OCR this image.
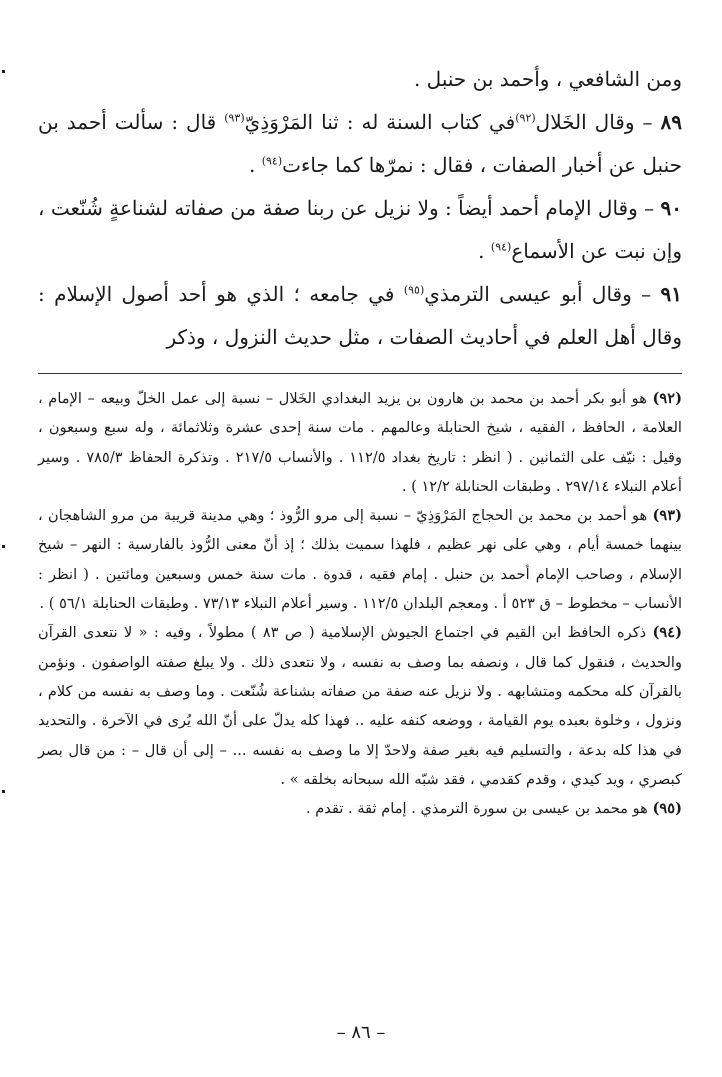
ومن الشافعي ، وأحمد بن حنبل .

٨٩ – وقال الخَلال$^{(٩٢)}$في كتاب السنة له : ثنا المَرْوَذِيّ$^{(٩٣)}$ قال : سألت أحمد بن حنبل عن أخبار الصفات ، فقال : نمرّها كما جاءت$^{(٩٤)}$ .

٩٠ – وقال الإمام أحمد أيضاً : ولا نزيل عن ربنا صفة من صفاته لشناعةٍ شُنّعت ، وإن نبت عن الأسماع$^{(٩٤)}$ .

٩١ – وقال أبو عيسى الترمذي$^{(٩٥)}$ في جامعه ؛ الذي هو أحد أصول الإسلام : وقال أهل العلم في أحاديث الصفات ، مثل حديث النزول ، وذكر

(٩٢) هو أبو بكر أحمد بن محمد بن هارون بن يزيد البغدادي الخَلال – نسبة إلى عمل الخلّ وبيعه – الإمام ، العلامة ، الحافظ ، الفقيه ، شيخ الحنابلة وعالمهم . مات سنة إحدى عشرة وثلاثمائة ، وله سبع وسبعون ، وقيل : نيّف على الثمانين . ( انظر : تاريخ بغداد ١١٢/٥ . والأنساب ٢١٧/٥ . وتذكرة الحفاظ ٧٨٥/٣ . وسير أعلام النبلاء ٢٩٧/١٤ . وطبقات الحنابلة ١٢/٢ ) .

(٩٣) هو أحمد بن محمد بن الحجاج المَرْوَذِيّ – نسبة إلى مرو الرُّوذ ؛ وهي مدينة قريبة من مرو الشاهجان ، بينهما خمسة أيام ، وهي على نهر عظيم ، فلهذا سميت بذلك ؛ إذ أنّ معنى الرُّوذ بالفارسية : النهر – شيخ الإسلام ، وصاحب الإمام أحمد بن حنبل . إمام فقيه ، قدوة . مات سنة خمس وسبعين ومائتين . ( انظر : الأنساب – مخطوط – ق ٥٢٣ أ . ومعجم البلدان ١١٢/٥ . وسير أعلام النبلاء ٧٣/١٣ . وطبقات الحنابلة ٥٦/١ ) .

(٩٤) ذكره الحافظ ابن القيم في اجتماع الجيوش الإسلامية ( ص ٨٣ ) مطولاً ، وفيه : « لا نتعدى القرآن والحديث ، فنقول كما قال ، ونصفه بما وصف به نفسه ، ولا نتعدى ذلك . ولا يبلغ صفته الواصفون . ونؤمن بالقرآن كله محكمه ومتشابهه . ولا نزيل عنه صفة من صفاته بشناعة شُنّعت . وما وصف به نفسه من كلام ، ونزول ، وخلوة بعبده يوم القيامة ، ووضعه كنفه عليه .. فهذا كله يدلّ على أنّ الله يُرى في الآخرة . والتحديد في هذا كله بدعة ، والتسليم فيه بغير صفة ولاحدّ إلا ما وصف به نفسه ... – إلى أن قال – : من قال بصر كبصري ، ويد كيدي ، وقدم كقدمي ، فقد شبّه الله سبحانه بخلقه » .

(٩٥) هو محمد بن عيسى بن سورة الترمذي . إمام ثقة . تقدم .

– ٨٦ –
